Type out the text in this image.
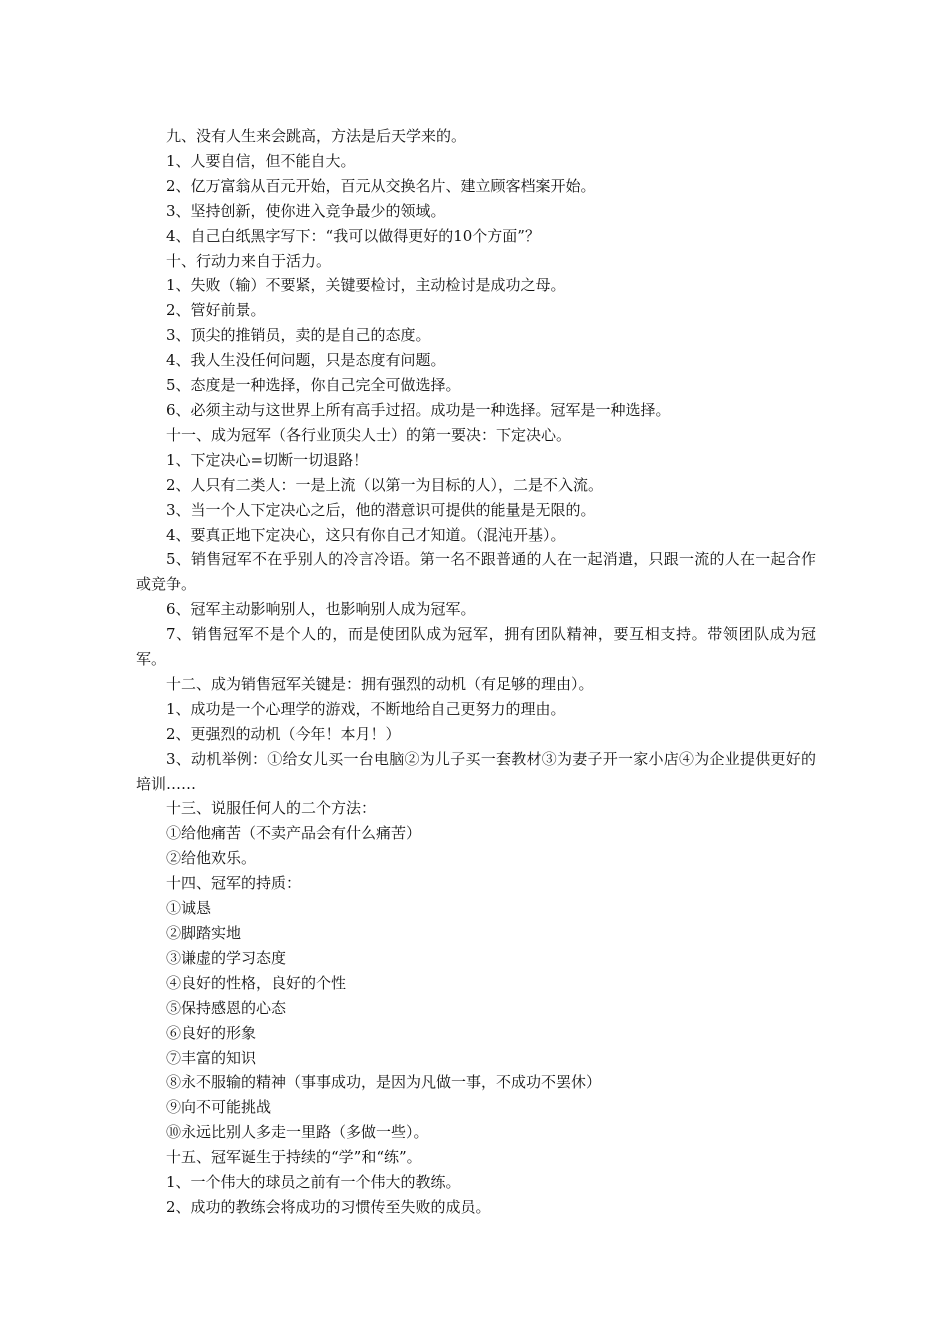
九、没有人生来会跳高，方法是后天学来的。

1、人要自信，但不能自大。

2、亿万富翁从百元开始，百元从交换名片、建立顾客档案开始。

3、坚持创新，使你进入竞争最少的领域。

4、自己白纸黑字写下：“我可以做得更好的10个方面”？

十、行动力来自于活力。

1、失败（输）不要紧，关键要检讨，主动检讨是成功之母。

2、管好前景。

3、顶尖的推销员，卖的是自己的态度。

4、我人生没任何问题，只是态度有问题。

5、态度是一种选择，你自己完全可做选择。

6、必须主动与这世界上所有高手过招。成功是一种选择。冠军是一种选择。

十一、成为冠军（各行业顶尖人士）的第一要决：下定决心。

1、下定决心=切断一切退路！

2、人只有二类人：一是上流（以第一为目标的人），二是不入流。

3、当一个人下定决心之后，他的潜意识可提供的能量是无限的。

4、要真正地下定决心，这只有你自己才知道。（混沌开基）。

5、销售冠军不在乎别人的冷言冷语。第一名不跟普通的人在一起消遣，只跟一流的人在一起合作或竞争。

6、冠军主动影响别人，也影响别人成为冠军。

7、销售冠军不是个人的，而是使团队成为冠军，拥有团队精神，要互相支持。带领团队成为冠军。

十二、成为销售冠军关键是：拥有强烈的动机（有足够的理由）。

1、成功是一个心理学的游戏，不断地给自己更努力的理由。

2、更强烈的动机（今年！本月！）

3、动机举例：①给女儿买一台电脑②为儿子买一套教材③为妻子开一家小店④为企业提供更好的培训……

十三、说服任何人的二个方法：

①给他痛苦（不卖产品会有什么痛苦）

②给他欢乐。

十四、冠军的持质：

①诚恳

②脚踏实地

③谦虚的学习态度

④良好的性格，良好的个性

⑤保持感恩的心态

⑥良好的形象

⑦丰富的知识

⑧永不服输的精神（事事成功，是因为凡做一事，不成功不罢休）

⑨向不可能挑战

⑩永远比别人多走一里路（多做一些）。

十五、冠军诞生于持续的“学”和“练”。

1、一个伟大的球员之前有一个伟大的教练。

2、成功的教练会将成功的习惯传至失败的成员。
